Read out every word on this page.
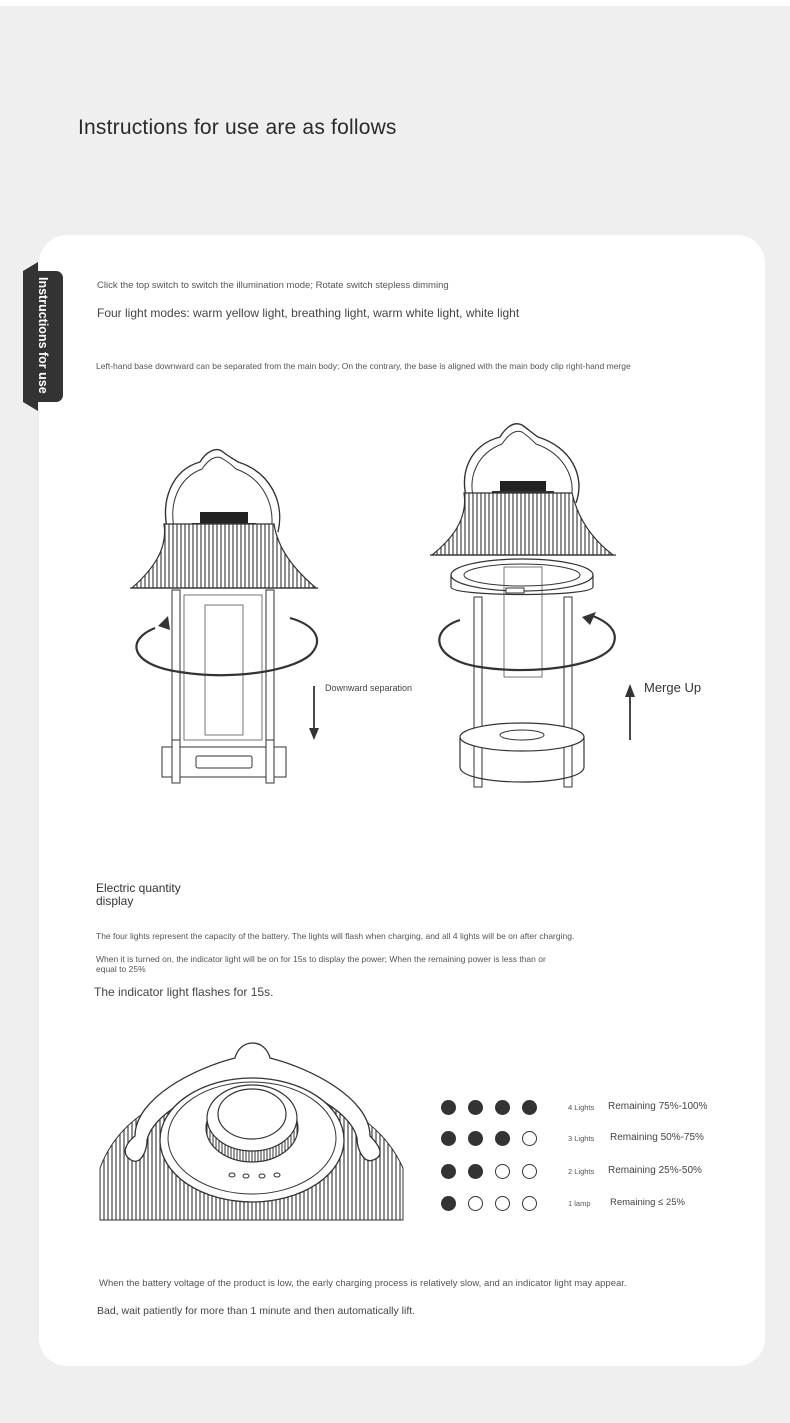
Instructions for use are as follows
Instructions for use	Click the top switch to switch the illumination mode; Rotate switch stepless dimming
Four light modes: warm yellow light, breathing light, warm white light, white light
Left-hand base downward can be separated from the main body; On the contrary, the base is aligned with the main body clip right-hand merge
Downward separation	Merge Up
Electric quantity display
The four lights represent the capacity of the battery. The lights will flash when charging, and all 4 lights will be on after charging.
When it is turned on, the indicator light will be on for 15s to display the power; When the remaining power is less than or equal to 25%
The indicator light flashes for 15s.
4 Lights Remaining 75%-100%
3 Lights Remaining 50%-75%
2 Lights Remaining 25%-50%
1 lamp Remaining ≤ 25%
When the battery voltage of the product is low, the early charging process is relatively slow, and an indicator light may appear.
Bad, wait patiently for more than 1 minute and then automatically lift.
